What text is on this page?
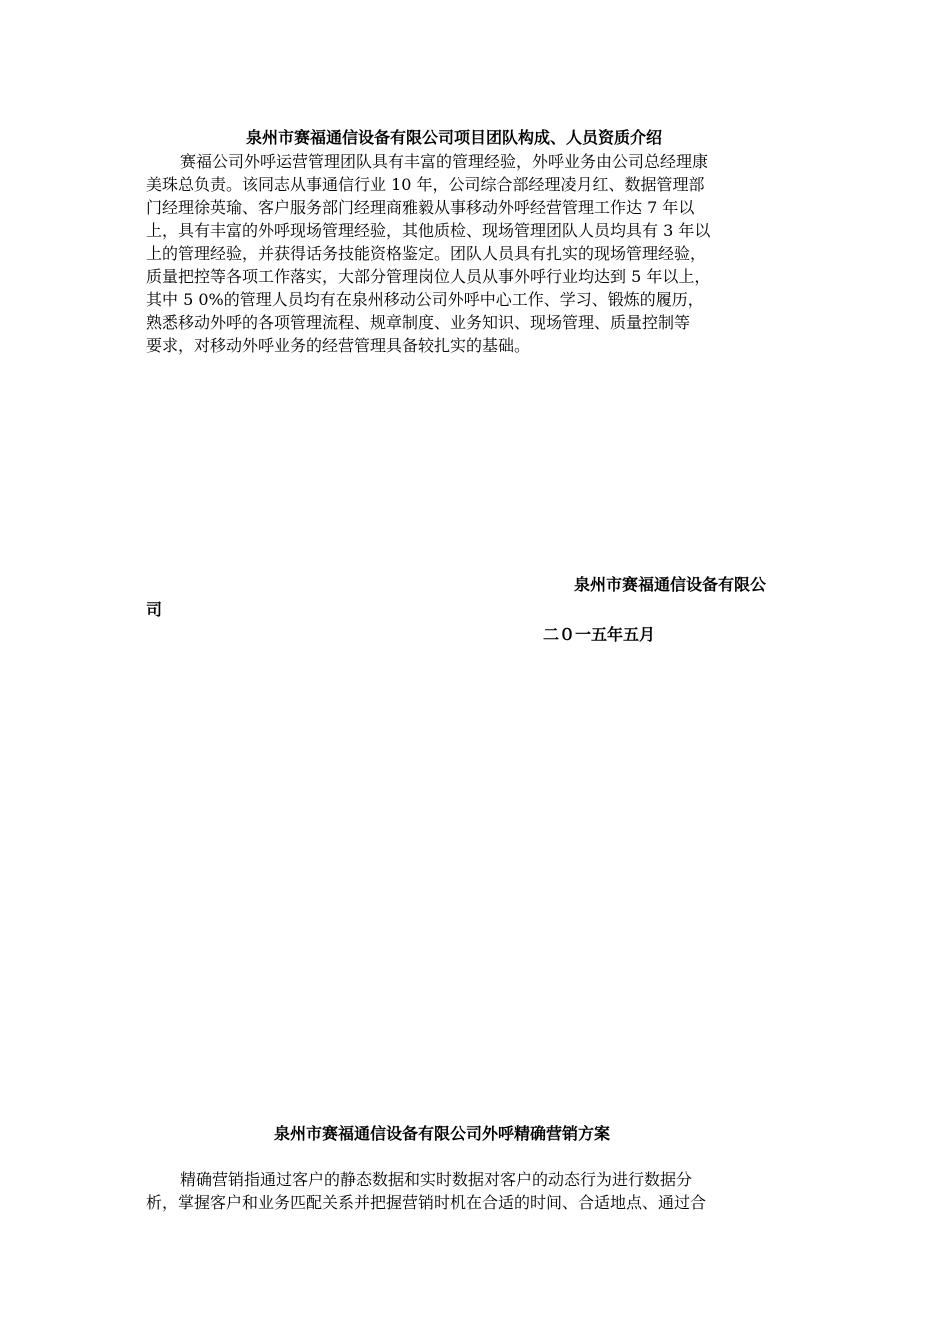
泉州市赛福通信设备有限公司项目团队构成、人员资质介绍
赛福公司外呼运营管理团队具有丰富的管理经验，外呼业务由公司总经理康
美珠总负责。该同志从事通信行业 10 年，公司综合部经理凌月红、数据管理部
门经理徐英瑜、客户服务部门经理商雅毅从事移动外呼经营管理工作达 7 年以
上，具有丰富的外呼现场管理经验，其他质检、现场管理团队人员均具有 3 年以
上的管理经验，并获得话务技能资格鉴定。团队人员具有扎实的现场管理经验，
质量把控等各项工作落实，大部分管理岗位人员从事外呼行业均达到 5 年以上，
其中 5 0%的管理人员均有在泉州移动公司外呼中心工作、学习、锻炼的履历，
熟悉移动外呼的各项管理流程、规章制度、业务知识、现场管理、质量控制等
要求，对移动外呼业务的经营管理具备较扎实的基础。
泉州市赛福通信设备有限公
司
二０一五年五月
泉州市赛福通信设备有限公司外呼精确营销方案
精确营销指通过客户的静态数据和实时数据对客户的动态行为进行数据分
析，掌握客户和业务匹配关系并把握营销时机在合适的时间、合适地点、通过合
